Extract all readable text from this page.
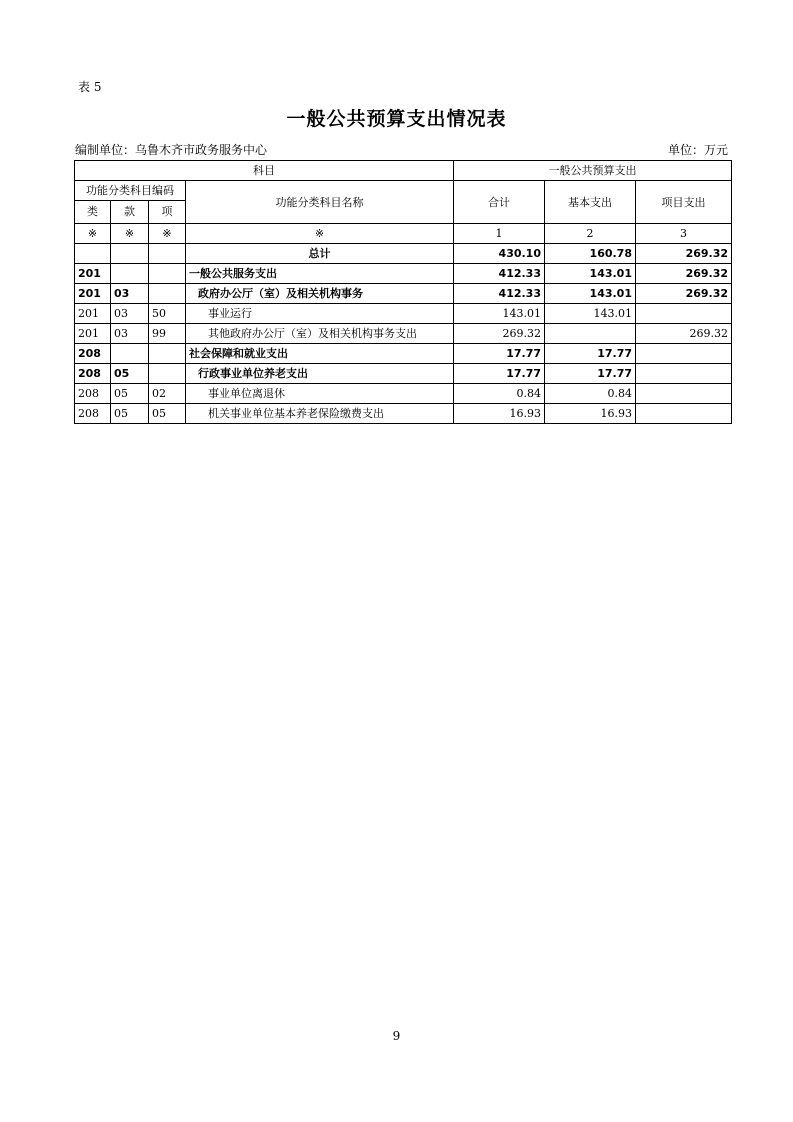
表 5
一般公共预算支出情况表
编制单位：乌鲁木齐市政务服务中心	单位：万元
科目				一般公共预算支出		
功能分类科目编码			功能分类科目名称	合计	基本支出	项目支出
类	款	项				
※	※	※	※	1	2	3
			总计	430.10	160.78	269.32
201			一般公共服务支出	412.33	143.01	269.32
201	03		政府办公厅（室）及相关机构事务	412.33	143.01	269.32
201	03	50	事业运行	143.01	143.01	
201	03	99	其他政府办公厅（室）及相关机构事务支出	269.32		269.32
208			社会保障和就业支出	17.77	17.77	
208	05		行政事业单位养老支出	17.77	17.77	
208	05	02	事业单位离退休	0.84	0.84	
208	05	05	机关事业单位基本养老保险缴费支出	16.93	16.93	
9
